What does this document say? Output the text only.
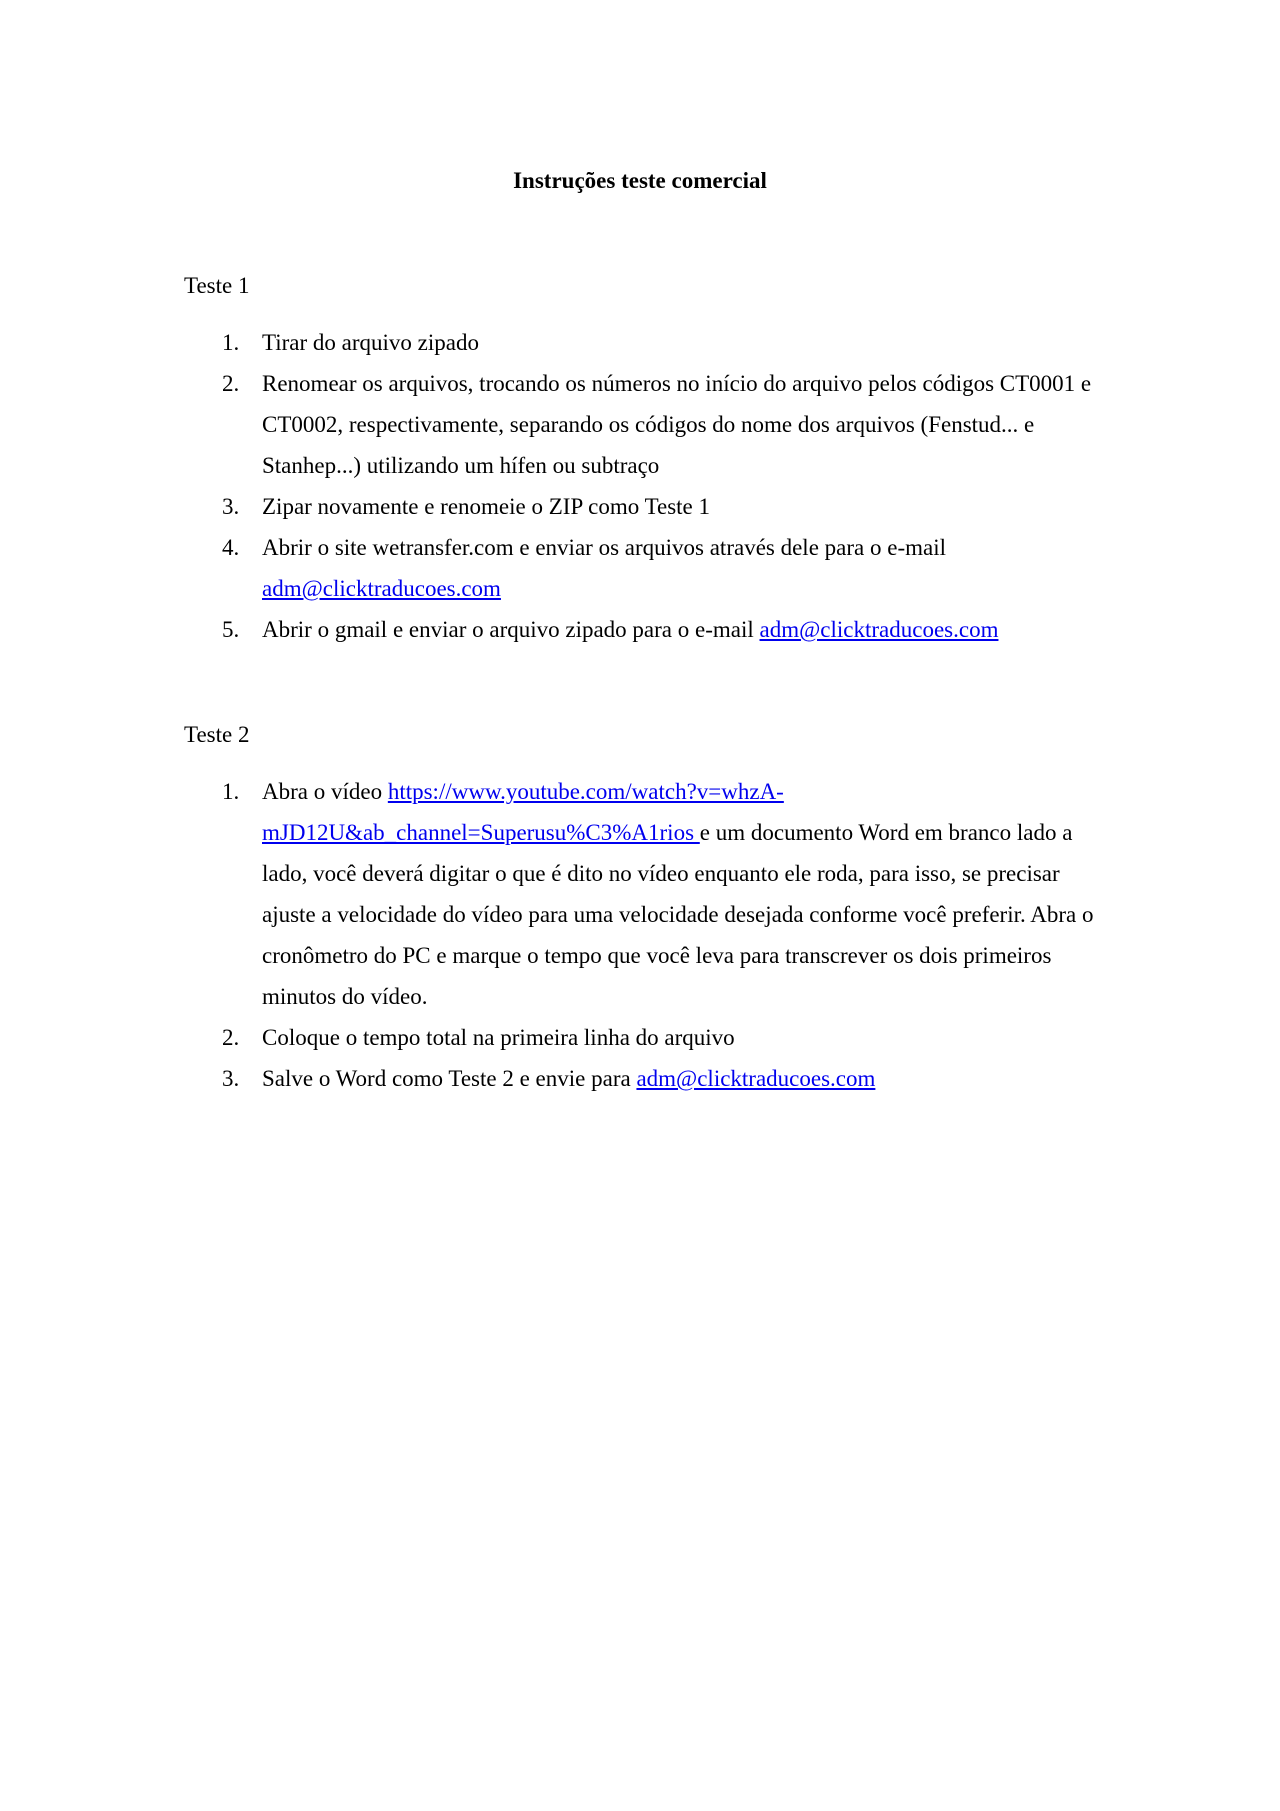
Instruções teste comercial

Teste 1

1. Tirar do arquivo zipado
2. Renomear os arquivos, trocando os números no início do arquivo pelos códigos CT0001 e CT0002, respectivamente, separando os códigos do nome dos arquivos (Fenstud... e Stanhep...) utilizando um hífen ou subtraço
3. Zipar novamente e renomeie o ZIP como Teste 1
4. Abrir o site wetransfer.com e enviar os arquivos através dele para o e-mail
adm@clicktraducoes.com
5. Abrir o gmail e enviar o arquivo zipado para o e-mail adm@clicktraducoes.com

Teste 2

1. Abra o vídeo https://www.youtube.com/watch?v=whzA-
mJD12U&ab_channel=Superusu%C3%A1rios e um documento Word em branco lado a lado, você deverá digitar o que é dito no vídeo enquanto ele roda, para isso, se precisar ajuste a velocidade do vídeo para uma velocidade desejada conforme você preferir. Abra o cronômetro do PC e marque o tempo que você leva para transcrever os dois primeiros minutos do vídeo.
2. Coloque o tempo total na primeira linha do arquivo
3. Salve o Word como Teste 2 e envie para adm@clicktraducoes.com
